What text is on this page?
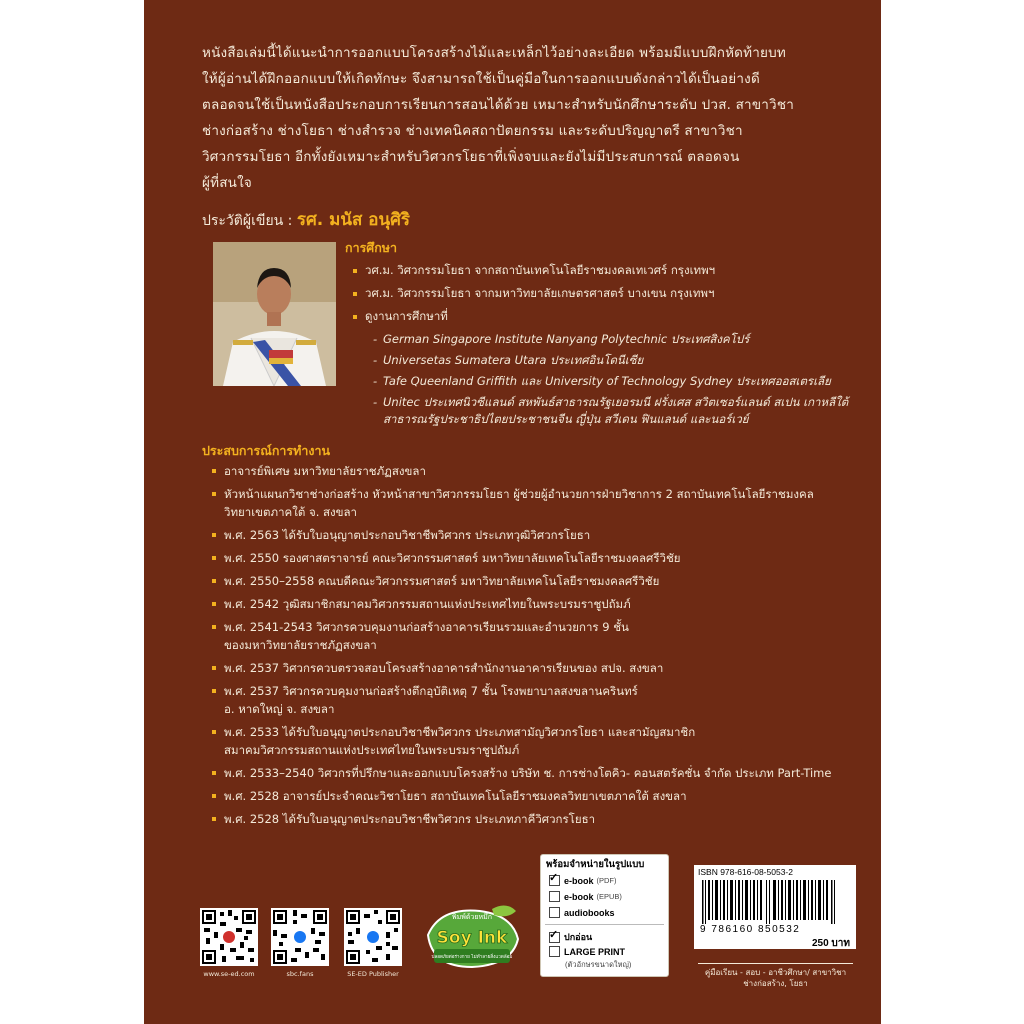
หนังสือเล่มนี้ได้แนะนำการออกแบบโครงสร้างไม้และเหล็กไว้อย่างละเอียด พร้อมมีแบบฝึกหัดท้ายบท
ให้ผู้อ่านได้ฝึกออกแบบให้เกิดทักษะ จึงสามารถใช้เป็นคู่มือในการออกแบบดังกล่าวได้เป็นอย่างดี
ตลอดจนใช้เป็นหนังสือประกอบการเรียนการสอนได้ด้วย เหมาะสำหรับนักศึกษาระดับ ปวส. สาขาวิชา
ช่างก่อสร้าง ช่างโยธา ช่างสำรวจ ช่างเทคนิคสถาปัตยกรรม และระดับปริญญาตรี สาขาวิชา
วิศวกรรมโยธา อีกทั้งยังเหมาะสำหรับวิศวกรโยธาที่เพิ่งจบและยังไม่มีประสบการณ์ ตลอดจน
ผู้ที่สนใจ
ประวัติผู้เขียน : รศ. มนัส อนุศิริ
การศึกษา
วศ.ม. วิศวกรรมโยธา จากสถาบันเทคโนโลยีราชมงคลเทเวศร์ กรุงเทพฯ
วศ.ม. วิศวกรรมโยธา จากมหาวิทยาลัยเกษตรศาสตร์ บางเขน กรุงเทพฯ
ดูงานการศึกษาที่
- German Singapore Institute Nanyang Polytechnic ประเทศสิงคโปร์
- Universetas Sumatera Utara ประเทศอินโดนีเซีย
- Tafe Queenland Griffith และ University of Technology Sydney ประเทศออสเตรเลีย
- Unitec ประเทศนิวซีแลนด์ สหพันธ์สาธารณรัฐเยอรมนี ฝรั่งเศส สวิตเซอร์แลนด์ สเปน เกาหลีใต้
สาธารณรัฐประชาธิปไตยประชาชนจีน ญี่ปุ่น สวีเดน ฟินแลนด์ และนอร์เวย์
ประสบการณ์การทำงาน
อาจารย์พิเศษ มหาวิทยาลัยราชภัฏสงขลา
หัวหน้าแผนกวิชาช่างก่อสร้าง หัวหน้าสาขาวิศวกรรมโยธา ผู้ช่วยผู้อำนวยการฝ่ายวิชาการ 2 สถาบันเทคโนโลยีราชมงคล
วิทยาเขตภาคใต้ จ. สงขลา
พ.ศ. 2563 ได้รับใบอนุญาตประกอบวิชาชีพวิศวกร ประเภทวุฒิวิศวกรโยธา
พ.ศ. 2550 รองศาสตราจารย์ คณะวิศวกรรมศาสตร์ มหาวิทยาลัยเทคโนโลยีราชมงคลศรีวิชัย
พ.ศ. 2550–2558 คณบดีคณะวิศวกรรมศาสตร์ มหาวิทยาลัยเทคโนโลยีราชมงคลศรีวิชัย
พ.ศ. 2542 วุฒิสมาชิกสมาคมวิศวกรรมสถานแห่งประเทศไทยในพระบรมราชูปถัมภ์
พ.ศ. 2541-2543 วิศวกรควบคุมงานก่อสร้างอาคารเรียนรวมและอำนวยการ 9 ชั้น
ของมหาวิทยาลัยราชภัฏสงขลา
พ.ศ. 2537 วิศวกรควบตรวจสอบโครงสร้างอาคารสำนักงานอาคารเรียนของ สปจ. สงขลา
พ.ศ. 2537 วิศวกรควบคุมงานก่อสร้างตึกอุบัติเหตุ 7 ชั้น โรงพยาบาลสงขลานครินทร์
อ. หาดใหญ่ จ. สงขลา
พ.ศ. 2533 ได้รับใบอนุญาตประกอบวิชาชีพวิศวกร ประเภทสามัญวิศวกรโยธา และสามัญสมาชิก
สมาคมวิศวกรรมสถานแห่งประเทศไทยในพระบรมราชูปถัมภ์
พ.ศ. 2533–2540 วิศวกรที่ปรึกษาและออกแบบโครงสร้าง บริษัท ช. การช่างโตคิว- คอนสตรัคชั่น จำกัด ประเภท Part-Time
พ.ศ. 2528 อาจารย์ประจำคณะวิชาโยธา สถาบันเทคโนโลยีราชมงคลวิทยาเขตภาคใต้ สงขลา
พ.ศ. 2528 ได้รับใบอนุญาตประกอบวิชาชีพวิศวกร ประเภทภาคีวิศวกรโยธา
www.se-ed.com	sbc.fans	SE-ED Publisher
พิมพ์ด้วยหมึก
Soy Ink
ปลอดภัยต่อร่างกาย ไม่ทำลายสิ่งแวดล้อม
พร้อมจำหน่ายในรูปแบบ
✓
e-book (PDF)
e-book (EPUB)
audiobooks
✓
ปกอ่อน
LARGE PRINT
(ตัวอักษรขนาดใหญ่)
ISBN 978-616-08-5053-2
9 786160 850532
250 บาท
คู่มือเรียน - สอบ - อาชีวศึกษา/ สาขาวิชาช่างก่อสร้าง, โยธา
